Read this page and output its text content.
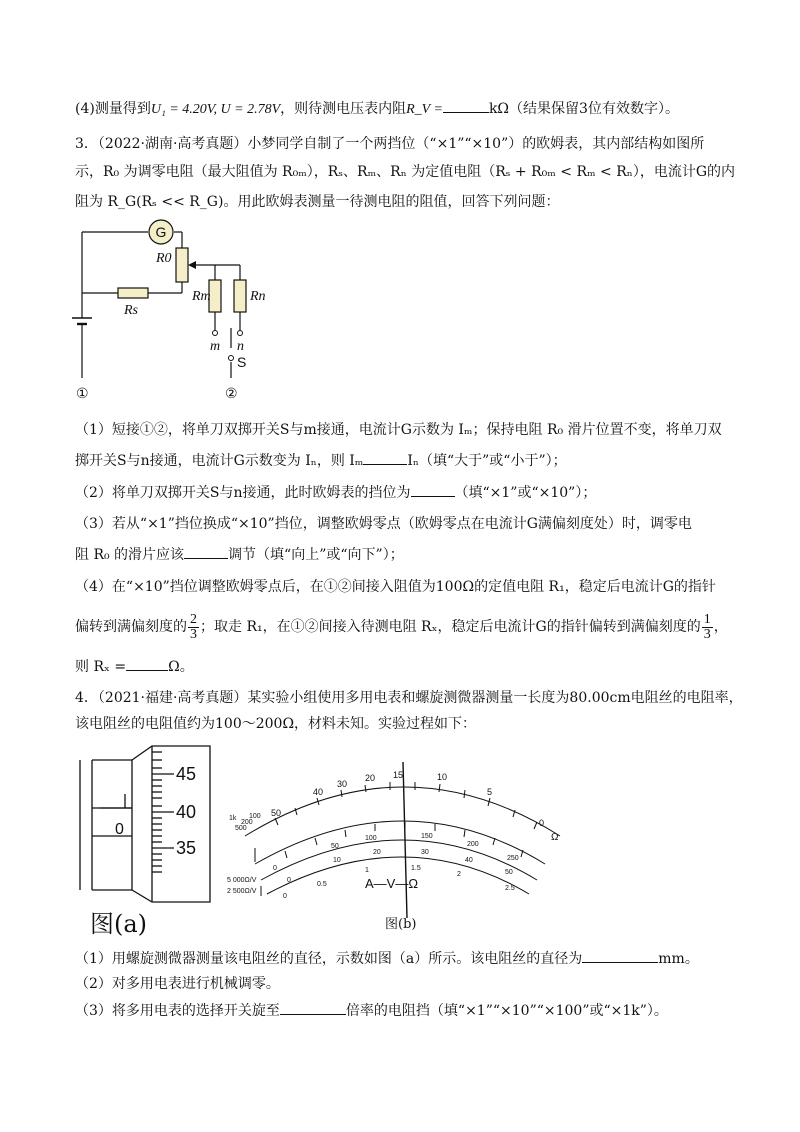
(4)测量得到U₁ = 4.20V, U = 2.78V，则待测电压表内阻R_V =	kΩ（结果保留3位有效数字）。
3．（2022·湖南·高考真题）小梦同学自制了一个两挡位（“×1”“×10”）的欧姆表，其内部结构如图所
示，R₀ 为调零电阻（最大阻值为 R₀ₘ），Rₛ、Rₘ、Rₙ 为定值电阻（Rₛ + R₀ₘ < Rₘ < Rₙ），电流计G的内
阻为 R_G(Rₛ << R_G)。用此欧姆表测量一待测电阻的阻值，回答下列问题：
G
R0
Rs
Rm	Rn
m n
S
①	②
（1）短接①②，将单刀双掷开关S与m接通，电流计G示数为 Iₘ；保持电阻 R₀ 滑片位置不变，将单刀双
掷开关S与n接通，电流计G示数变为 Iₙ，则 Iₘ	Iₙ（填“大于”或“小于”）；
（2）将单刀双掷开关S与n接通，此时欧姆表的挡位为	（填“×1”或“×10”）；
（3）若从“×1”挡位换成“×10”挡位，调整欧姆零点（欧姆零点在电流计G满偏刻度处）时，调零电
阻 R₀ 的滑片应该	调节（填“向上”或“向下”）；
（4）在“×10”挡位调整欧姆零点后，在①②间接入阻值为100Ω的定值电阻 R₁，稳定后电流计G的指针
偏转到满偏刻度的 $\frac{2}{3}$ ；取走 R₁，在①②间接入待测电阻 Rₓ，稳定后电流计G的指针偏转到满偏刻度的 $\frac{1}{3}$ ，
则 Rₓ =	Ω。
4．（2021·福建·高考真题）某实验小组使用多用电表和螺旋测微器测量一长度为80.00cm电阻丝的电阻率，
该电阻丝的电阻值约为100～200Ω，材料未知。实验过程如下：
45
40
35
0
图(a)
50
40
30
20 15	10
5
0
Ω
1k
500
200
100
0
50
100	150
200
250
0
10
20	30
40
50
0
0.5
1	1.5
2
2.5
5 000Ω/V
2 500Ω/V
A—V—Ω
图(b)
（1）用螺旋测微器测量该电阻丝的直径，示数如图（a）所示。该电阻丝的直径为	mm。
（2）对多用电表进行机械调零。
（3）将多用电表的选择开关旋至	倍率的电阻挡（填“×1”“×10”“×100”或“×1k”）。
